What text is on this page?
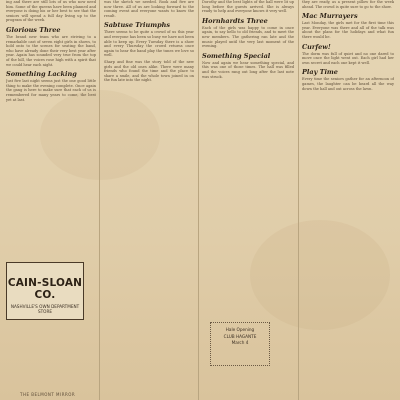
ing and there are still lots of us who now need him. Some of the queens have been planned and everyone is doing his or her best to see that the seniors will spend a full day living up to the program of the week.

Glorious Three

The brand new team who are striving to a remarkable cast of seven eight girls in shows, to hold onto to the scenes for seating the band, who have already done their very best year after year. Again has sounded very true from the top of the hill, the voices rose high with a spirit that we could hear each night.

Something Lacking

Just five last night seems just the one good little thing to make the evening complete. Once again the gang is here to make sure that each of us is remembered for many years to come, the best yet at last.

was the sketch we needed. Rook and five are now three. All of us are looking forward to the coming event and everyone wants to know the result.

Sabtuse Triumphs

There seems to be quite a crowd of us this year and everyone has been so busy we have not been able to keep up. Every Tuesday there is a show and every Thursday the crowd returns once again to hear the band play the tunes we love so well.

Sharp and fine was the story told of the new girls and the old ones alike. There were many friends who found the time and the place to share a smile, and the whole town joined in on the fun late into the night.

Dorothy and the best lights of the hall were lit up long before the guests arrived. She is always ready to help and everyone knows it very well.

Hornhardts Three

Each of the girls was happy to come in once again, to say hello to old friends, and to meet the new members. The gathering ran late and the music played until the very last moment of the evening.

Something Special

Now and again we hear something special, and this was one of those times. The hall was filled and the voices rang out long after the last note was struck.

they are ready, as a present pillow for the week ahead. The crowd is quite sure to go to the show.

Mac Murrayers

Last Monday, the girls met for the first time this year. Everyone was there and all of the talk was about the plans for the holidays and what fun there would be.

Curfew!

The dorm was full of quiet and no one dared to move once the light went out. Each girl had her own secret and each one kept it well.

Play Time

Every time the seniors gather for an afternoon of games, the laughter can be heard all the way down the hall and out across the lawn.

CAIN-SLOAN CO.
NASHVILLE'S OWN DEPARTMENT STORE
Hale Opening
CLUB HAGANTE
March 4
THE BELMONT MIRROR
